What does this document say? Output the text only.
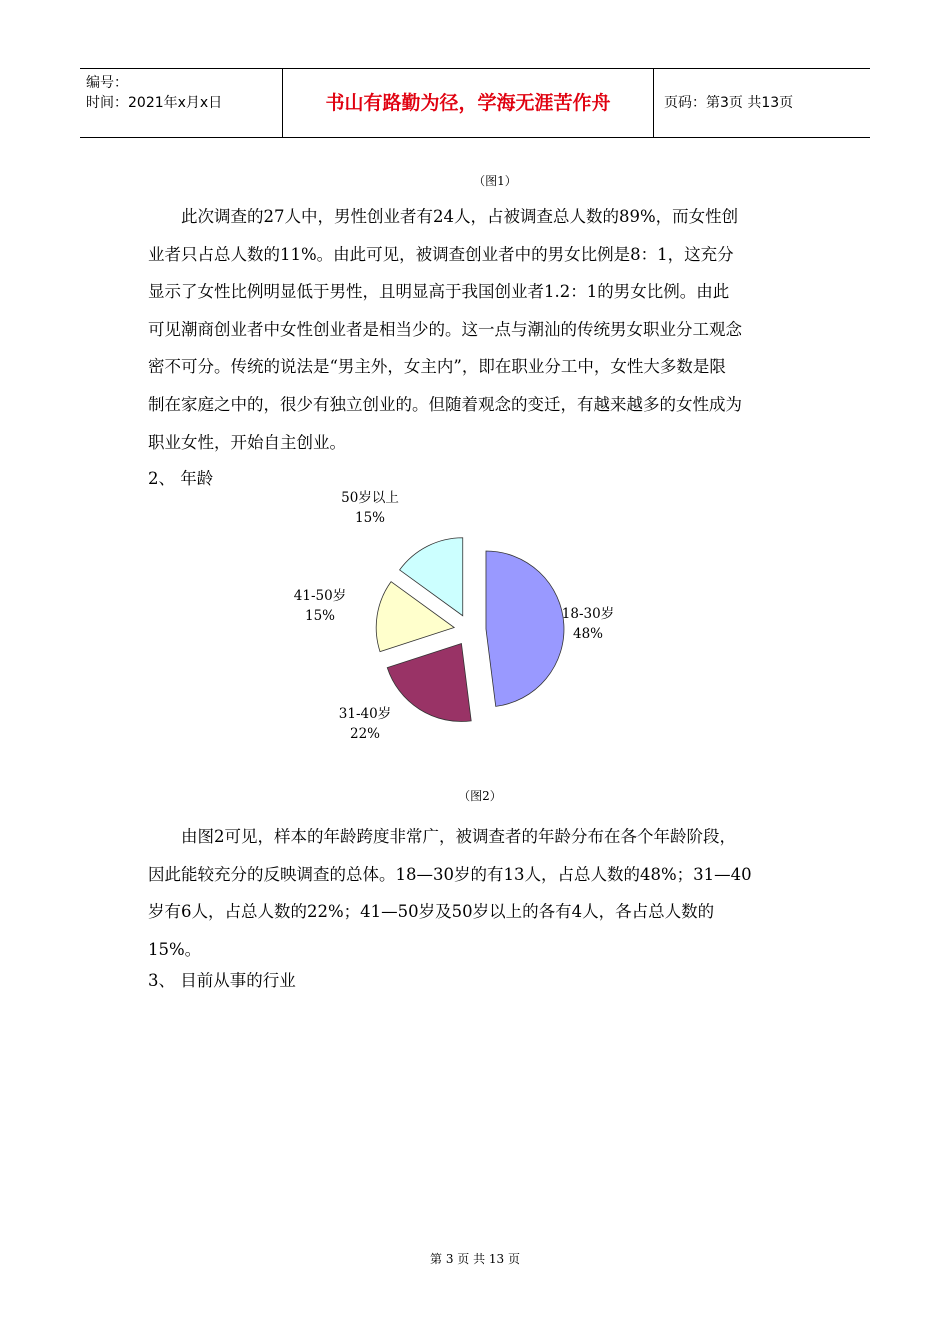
编号：
时间：2021年x月x日	书山有路勤为径，学海无涯苦作舟	页码：第3页 共13页
（图1）
　　此次调查的27人中，男性创业者有24人，占被调查总人数的89%，而女性创
业者只占总人数的11%。由此可见，被调查创业者中的男女比例是8：1，这充分
显示了女性比例明显低于男性，且明显高于我国创业者1.2：1的男女比例。由此
可见潮商创业者中女性创业者是相当少的。这一点与潮汕的传统男女职业分工观念
密不可分。传统的说法是“男主外，女主内”，即在职业分工中，女性大多数是限
制在家庭之中的，很少有独立创业的。但随着观念的变迁，有越来越多的女性成为
职业女性，开始自主创业。
2、 年龄
18-30岁
48%
31-40岁
22%
41-50岁
15%
50岁以上
15%
（图2）
　　由图2可见，样本的年龄跨度非常广，被调查者的年龄分布在各个年龄阶段，
因此能较充分的反映调查的总体。18—30岁的有13人，占总人数的48%；31—40
岁有6人，占总人数的22%；41—50岁及50岁以上的各有4人，各占总人数的
15%。
3、 目前从事的行业
第 3 页 共 13 页
